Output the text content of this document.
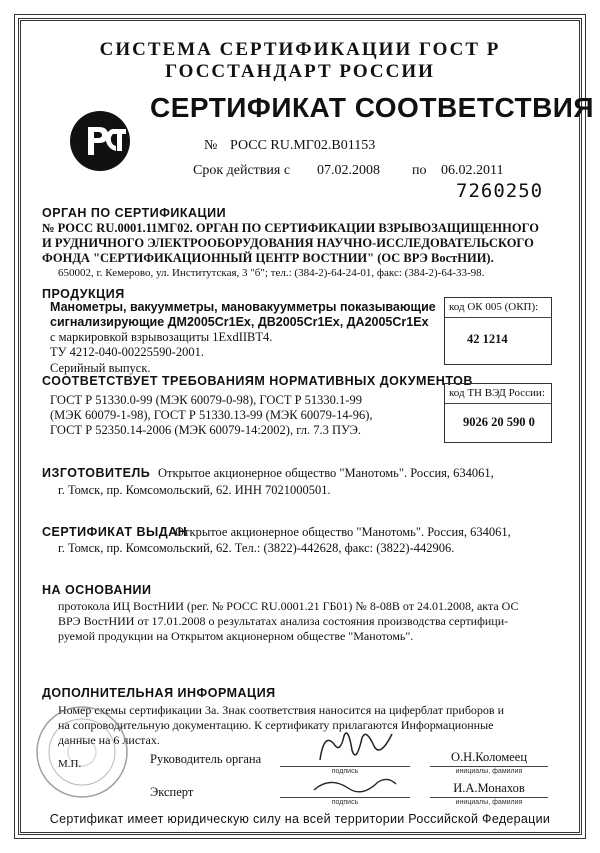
СИСТЕМА СЕРТИФИКАЦИИ ГОСТ Р
ГОССТАНДАРТ РОССИИ
СЕРТИФИКАТ СООТВЕТСТВИЯ
№ РОСС RU.МГ02.В01153
Срок действия с 07.02.2008 по 06.02.2011
7260250
ОРГАН ПО СЕРТИФИКАЦИИ
№ РОСС RU.0001.11МГ02. ОРГАН ПО СЕРТИФИКАЦИИ ВЗРЫВОЗАЩИЩЕННОГО
И РУДНИЧНОГО ЭЛЕКТРООБОРУДОВАНИЯ НАУЧНО-ИССЛЕДОВАТЕЛЬСКОГО
ФОНДА "СЕРТИФИКАЦИОННЫЙ ЦЕНТР ВОСТНИИ" (ОС ВРЭ ВостНИИ).
650002, г. Кемерово, ул. Институтская, 3 "б"; тел.: (384-2)-64-24-01, факс: (384-2)-64-33-98.
ПРОДУКЦИЯ
Манометры, вакуумметры, мановакуумметры показывающие
сигнализирующие ДМ2005Сr1Ех, ДВ2005Сr1Ех, ДА2005Сr1Ех
с маркировкой взрывозащиты 1ExdIIBT4.
ТУ 4212-040-00225590-2001.
Серийный выпуск.
код ОК 005 (ОКП):
42 1214
СООТВЕТСТВУЕТ ТРЕБОВАНИЯМ НОРМАТИВНЫХ ДОКУМЕНТОВ
ГОСТ Р 51330.0-99 (МЭК 60079-0-98), ГОСТ Р 51330.1-99
(МЭК 60079-1-98), ГОСТ Р 51330.13-99 (МЭК 60079-14-96),
ГОСТ Р 52350.14-2006 (МЭК 60079-14:2002), гл. 7.3 ПУЭ.
код ТН ВЭД России:
9026 20 590 0
ИЗГОТОВИТЕЛЬ Открытое акционерное общество "Манотомь". Россия, 634061,
г. Томск, пр. Комсомольский, 62. ИНН 7021000501.
СЕРТИФИКАТ ВЫДАН
Открытое акционерное общество "Манотомь". Россия, 634061,
г. Томск, пр. Комсомольский, 62. Тел.: (3822)-442628, факс: (3822)-442906.
НА ОСНОВАНИИ
протокола ИЦ ВостНИИ (рег. № РОСС RU.0001.21 ГБ01) № 8-08В от 24.01.2008, акта ОС
ВРЭ ВостНИИ от 17.01.2008 о результатах анализа состояния производства сертифици-
руемой продукции на Открытом акционерном обществе "Манотомь".
ДОПОЛНИТЕЛЬНАЯ ИНФОРМАЦИЯ
Номер схемы сертификации 3а. Знак соответствия наносится на циферблат приборов и
на сопроводительную документацию. К сертификату прилагаются Информационные
данные на 6 листах.
М.П.	Руководитель органа
подпись
О.Н.Коломеец
инициалы, фамилия
Эксперт
подпись
И.А.Монахов
инициалы, фамилия
Сертификат имеет юридическую силу на всей территории Российской Федерации
